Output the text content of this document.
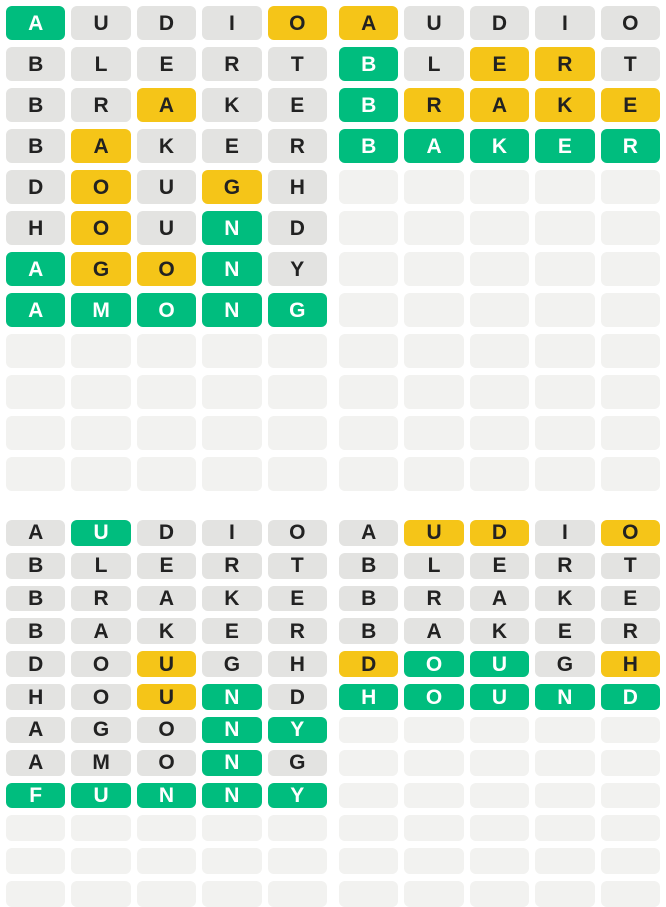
A	U	D	I	O
B	L	E	R	T
B	R	A	K	E
B	A	K	E	R
D	O	U	G	H
H	O	U	N	D
A	G	O	N	Y
A	M	O	N	G
A	U	D	I	O
B	L	E	R	T
B	R	A	K	E
B	A	K	E	R
A	U	D	I	O
B	L	E	R	T
B	R	A	K	E
B	A	K	E	R
D	O	U	G	H
H	O	U	N	D
A	G	O	N	Y
A	M	O	N	G
F	U	N	N	Y
A	U	D	I	O
B	L	E	R	T
B	R	A	K	E
B	A	K	E	R
D	O	U	G	H
H	O	U	N	D
